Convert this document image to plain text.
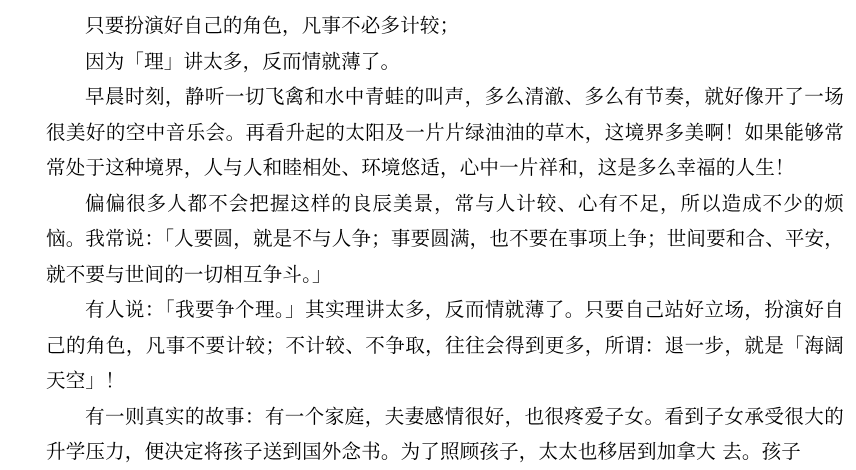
只要扮演好自己的角色，凡事不必多计较；

因为「理」讲太多，反而情就薄了。

早晨时刻，静听一切飞禽和水中青蛙的叫声，多么清澈、多么有节奏，就好像开了一场很美好的空中音乐会。再看升起的太阳及一片片绿油油的草木，这境界多美啊！如果能够常常处于这种境界，人与人和睦相处、环境悠适，心中一片祥和，这是多么幸福的人生！

偏偏很多人都不会把握这样的良辰美景，常与人计较、心有不足，所以造成不少的烦恼。我常说：「人要圆，就是不与人争；事要圆满，也不要在事项上争；世间要和合、平安，就不要与世间的一切相互争斗。」

有人说：「我要争个理。」其实理讲太多，反而情就薄了。只要自己站好立场，扮演好自己的角色，凡事不要计较；不计较、不争取，往往会得到更多，所谓：退一步，就是「海阔天空」！

有一则真实的故事：有一个家庭，夫妻感情很好，也很疼爱子女。看到子女承受很大的升学压力，便决定将孩子送到国外念书。为了照顾孩子，太太也移居到加拿大 去。孩子
